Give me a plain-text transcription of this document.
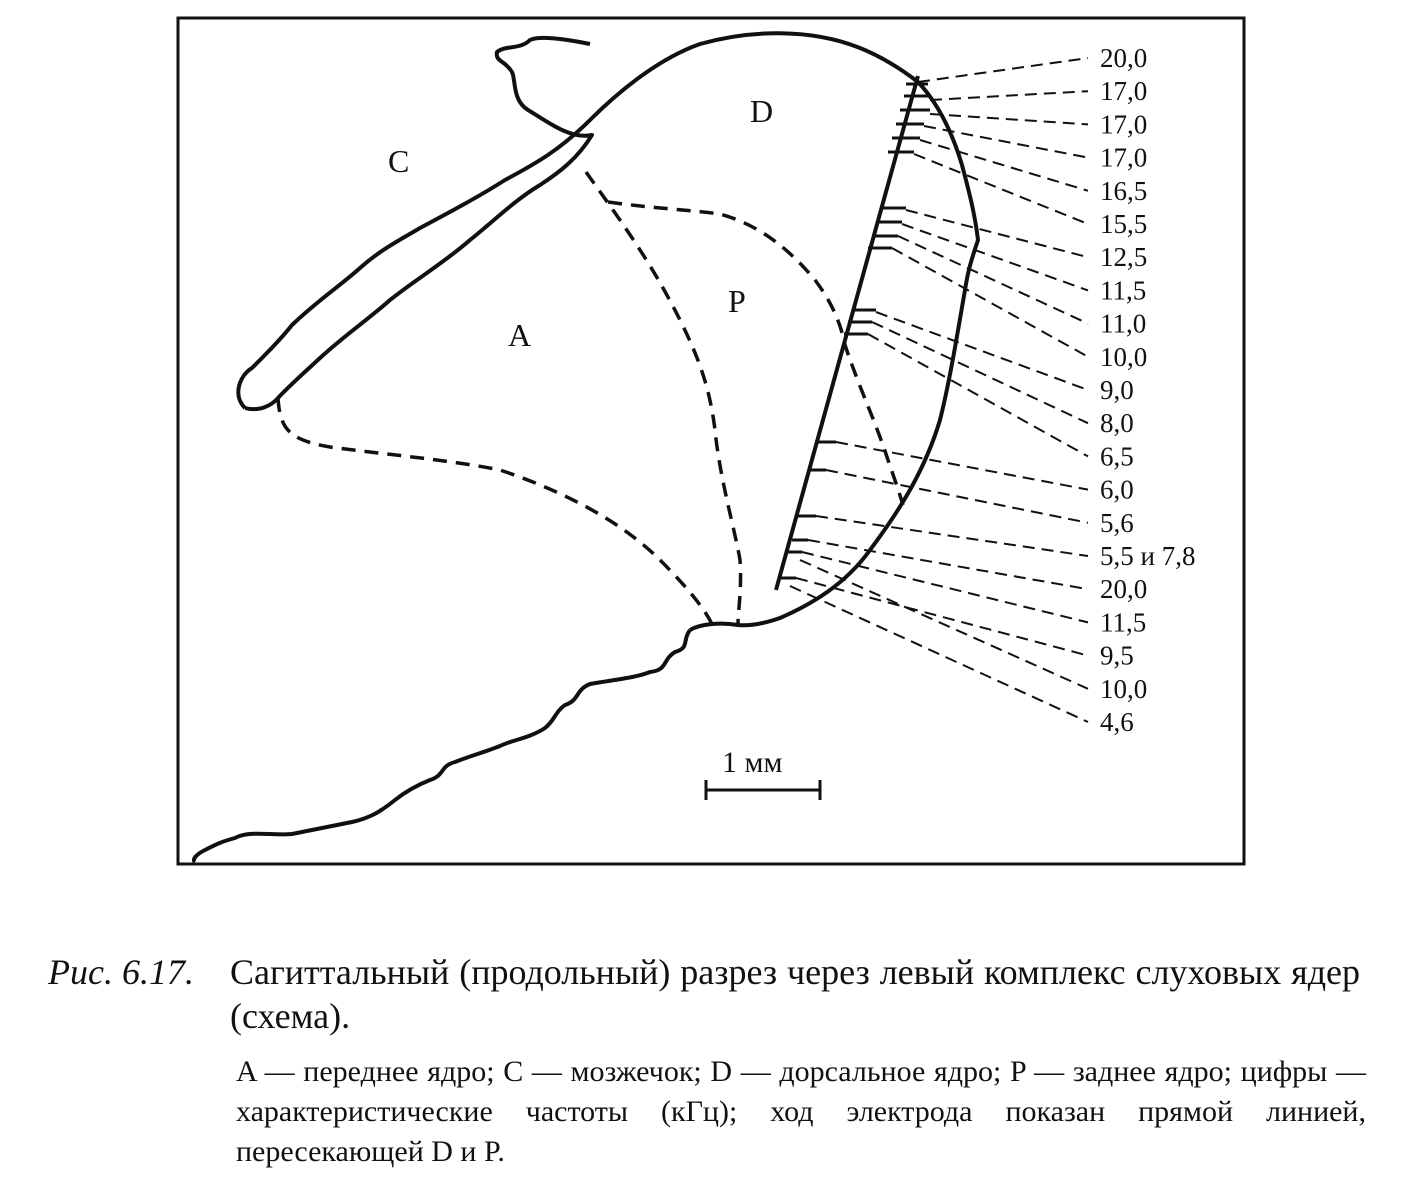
C
D
A
P
20,0
17,0
17,0
17,0
16,5
15,5
12,5
11,5
11,0
10,0
9,0
8,0
6,5
6,0
5,6
5,5 и 7,8
20,0
11,5
9,5
10,0
4,6
1 мм
Рис. 6.17.	Сагиттальный (продольный) разрез через левый комплекс слуховых ядер (схема).
A — переднее ядро; C — мозжечок; D — дорсальное ядро; P — заднее ядро; цифры — характеристические частоты (кГц); ход электрода показан прямой линией, пересекающей D и P.
